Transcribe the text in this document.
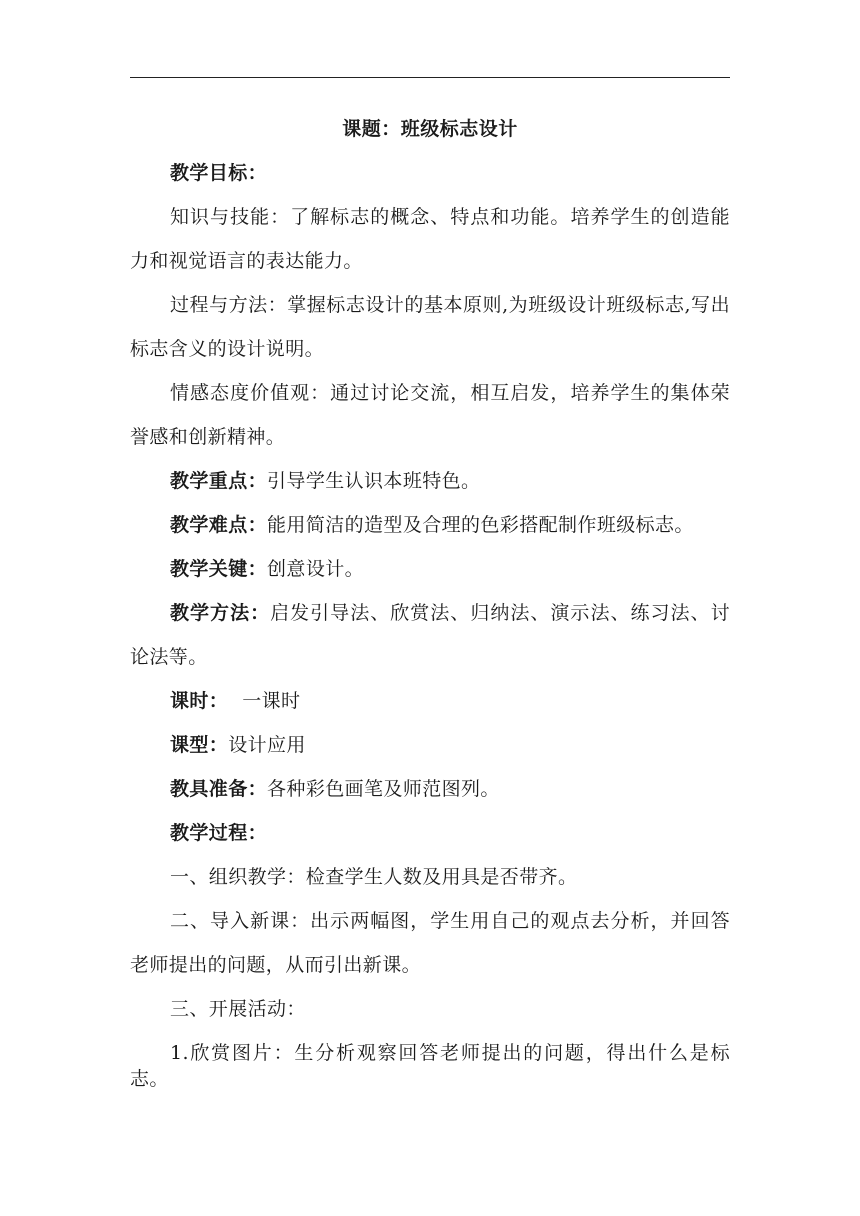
课题：班级标志设计

教学目标：

知识与技能：了解标志的概念、特点和功能。培养学生的创造能力和视觉语言的表达能力。

过程与方法：掌握标志设计的基本原则,为班级设计班级标志,写出标志含义的设计说明。

情感态度价值观：通过讨论交流，相互启发，培养学生的集体荣誉感和创新精神。

教学重点：引导学生认识本班特色。

教学难点：能用简洁的造型及合理的色彩搭配制作班级标志。

教学关键：创意设计。

教学方法：启发引导法、欣赏法、归纳法、演示法、练习法、讨论法等。

课时： 一课时

课型：设计应用

教具准备：各种彩色画笔及师范图列。

教学过程：

一、组织教学：检查学生人数及用具是否带齐。

二、导入新课：出示两幅图，学生用自己的观点去分析，并回答老师提出的问题，从而引出新课。

三、开展活动：

1.欣赏图片：生分析观察回答老师提出的问题，得出什么是标志。
